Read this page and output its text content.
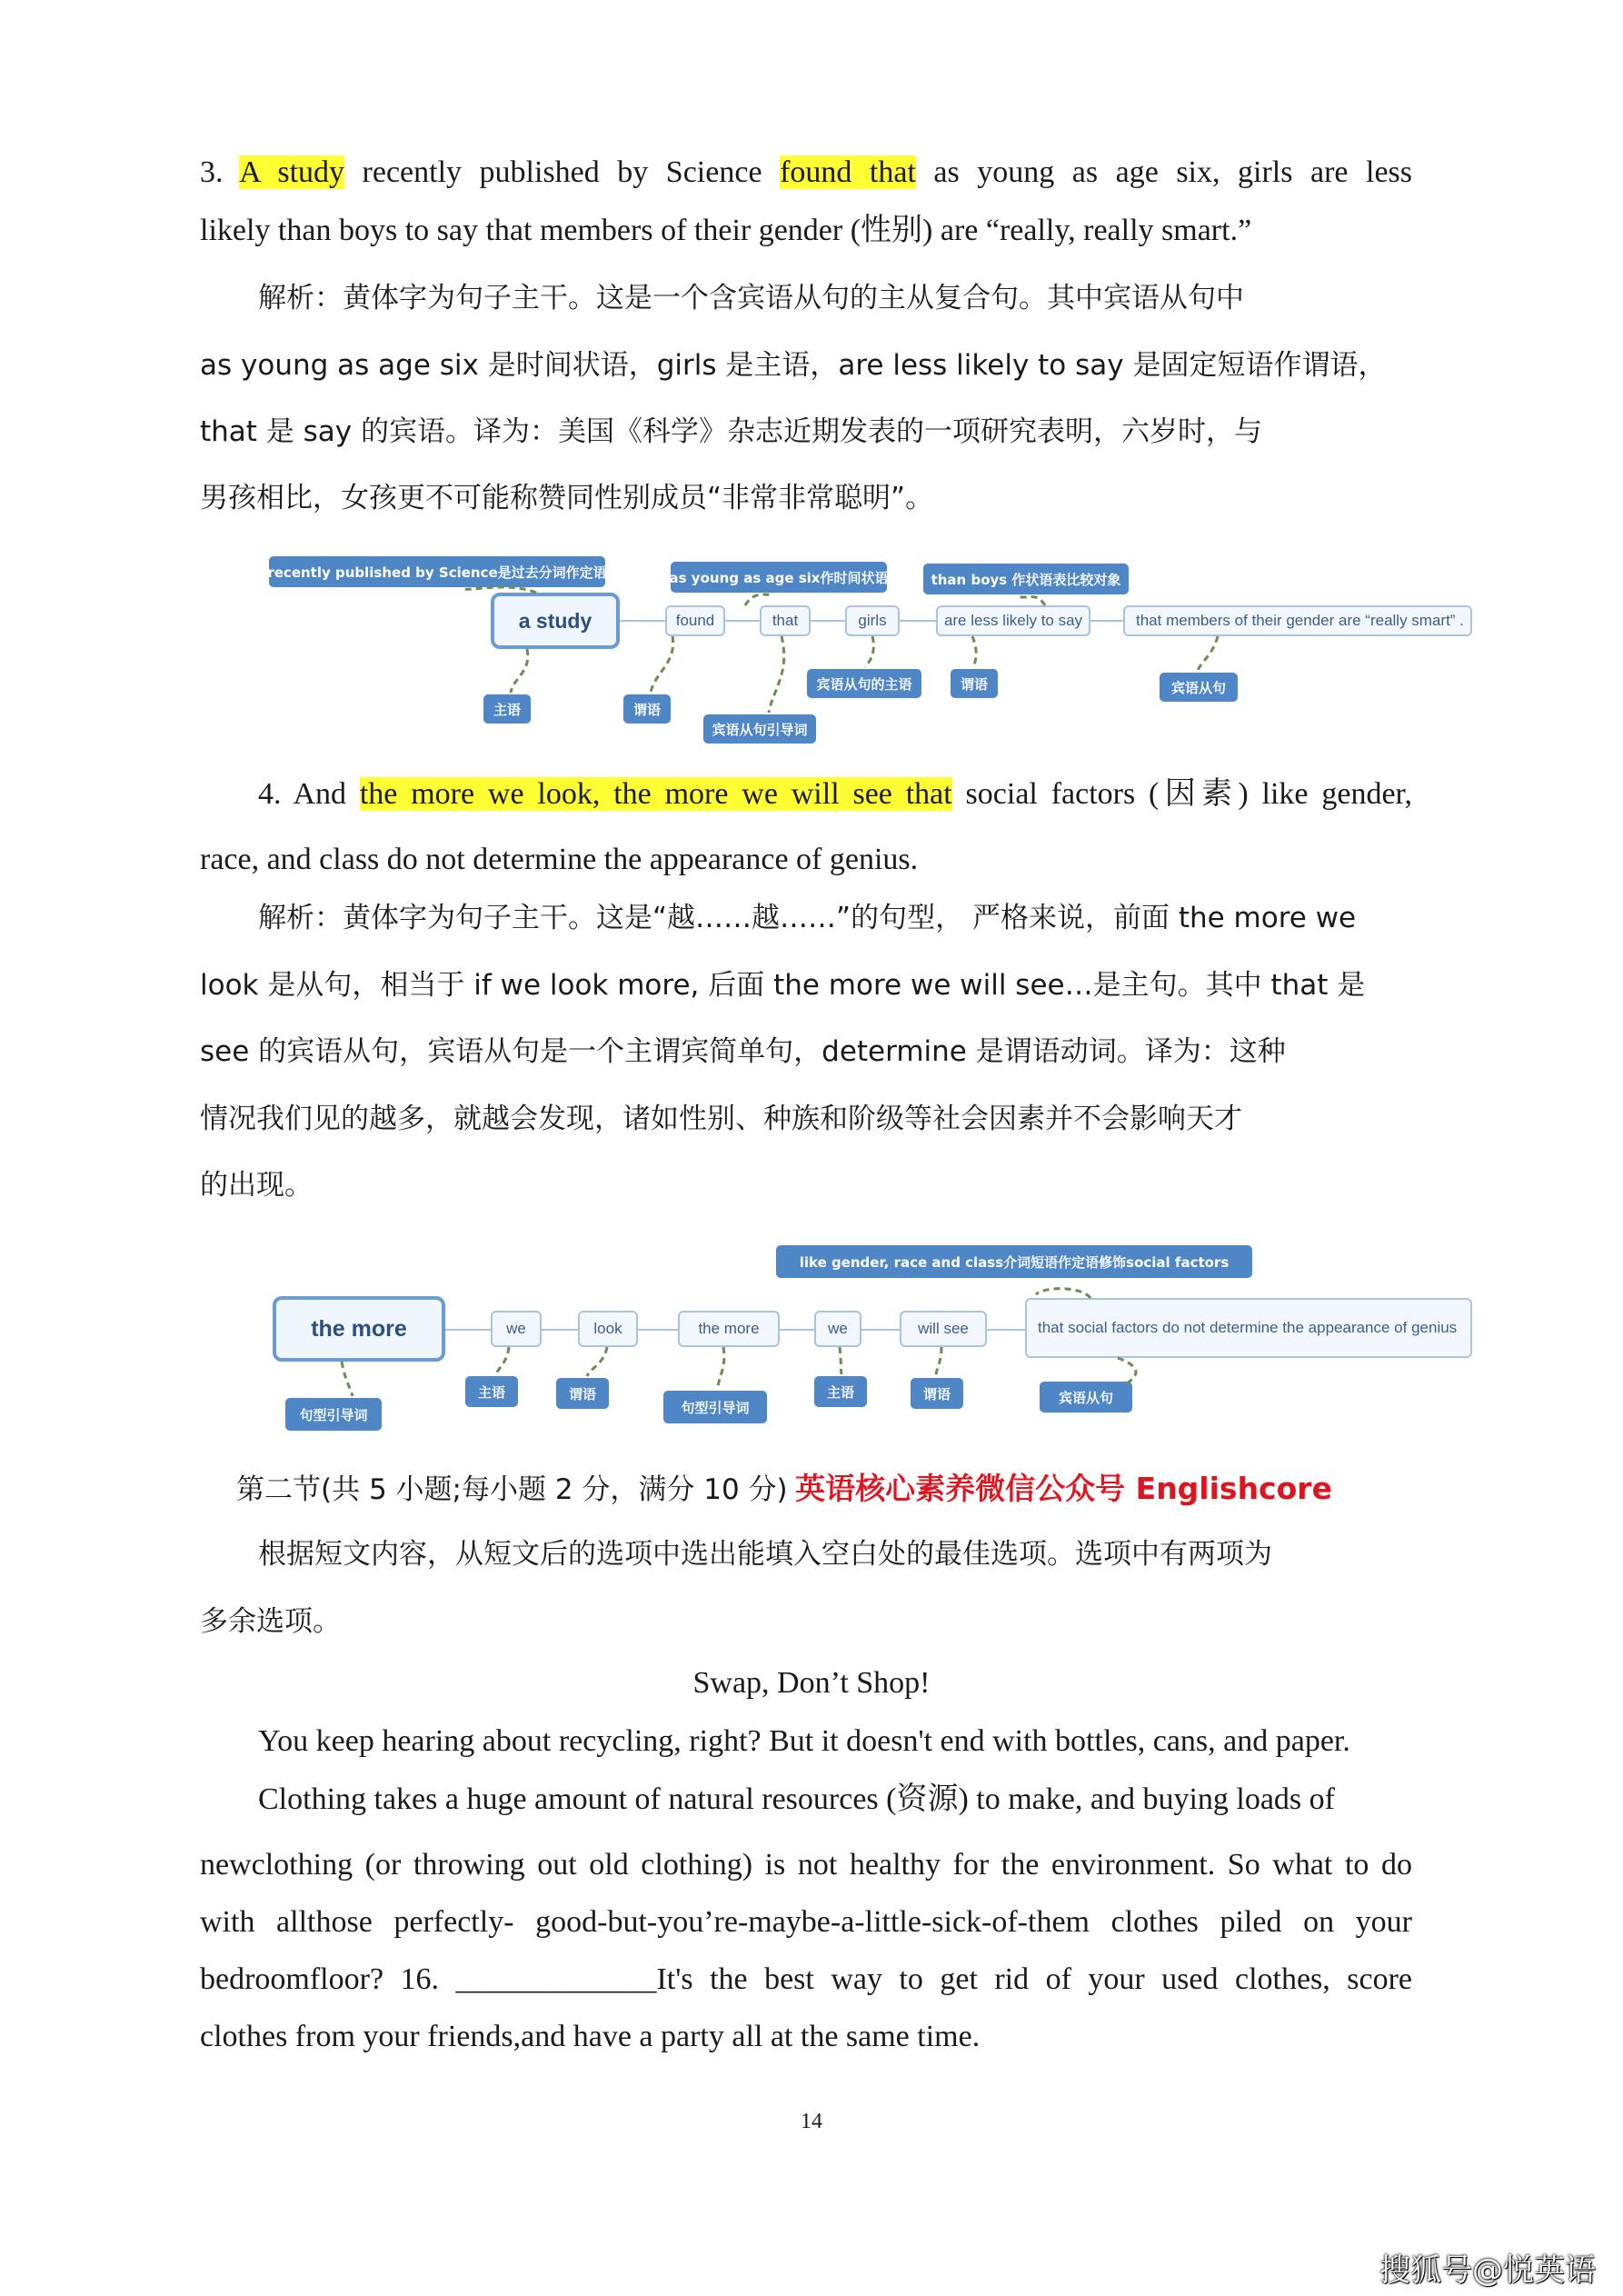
3. A study recently published by Science found that as young as age six, girls are less
likely than boys to say that members of their gender (性别) are “really, really smart.”
解析：黄体字为句子主干。这是一个含宾语从句的主从复合句。其中宾语从句中
as young as age six 是时间状语，girls 是主语，are less likely to say 是固定短语作谓语，
that 是 say 的宾语。译为：美国《科学》杂志近期发表的一项研究表明，六岁时，与
男孩相比，女孩更不可能称赞同性别成员“非常非常聪明”。
recently published by Science是过去分词作定语
a study
as young as age six作时间状语	than boys 作状语表比较对象
found	that	girls	are less likely to say	that members of their gender are “really smart” .
主语	谓语
宾语从句引导词
宾语从句的主语	谓语	宾语从句
4. And the more we look, the more we will see that social factors (因素) like gender,
race, and class do not determine the appearance of genius.
解析：黄体字为句子主干。这是“越……越……”的句型， 严格来说，前面 the more we
look 是从句，相当于 if we look more, 后面 the more we will see…是主句。其中 that 是
see 的宾语从句，宾语从句是一个主谓宾简单句，determine 是谓语动词。译为：这种
情况我们见的越多，就越会发现，诸如性别、种族和阶级等社会因素并不会影响天才
的出现。
like gender, race and class介词短语作定语修饰social factors
the more	we	look	the more	we	will see	that social factors do not determine the appearance of genius
句型引导词
主语	谓语
句型引导词
主语	谓语	宾语从句
第二节(共 5 小题;每小题 2 分，满分 10 分) 英语核心素养微信公众号 Englishcore
根据短文内容，从短文后的选项中选出能填入空白处的最佳选项。选项中有两项为
多余选项。
Swap, Don’t Shop!
You keep hearing about recycling, right? But it doesn't end with bottles, cans, and paper.
Clothing takes a huge amount of natural resources (资源) to make, and buying loads of
newclothing (or throwing out old clothing) is not healthy for the environment. So what to do
with allthose perfectly- good-but-you’re-maybe-a-little-sick-of-them clothes piled on your
bedroomfloor? 16. _____________It's the best way to get rid of your used clothes, score
clothes from your friends,and have a party all at the same time.
14
搜狐号@悦英语
